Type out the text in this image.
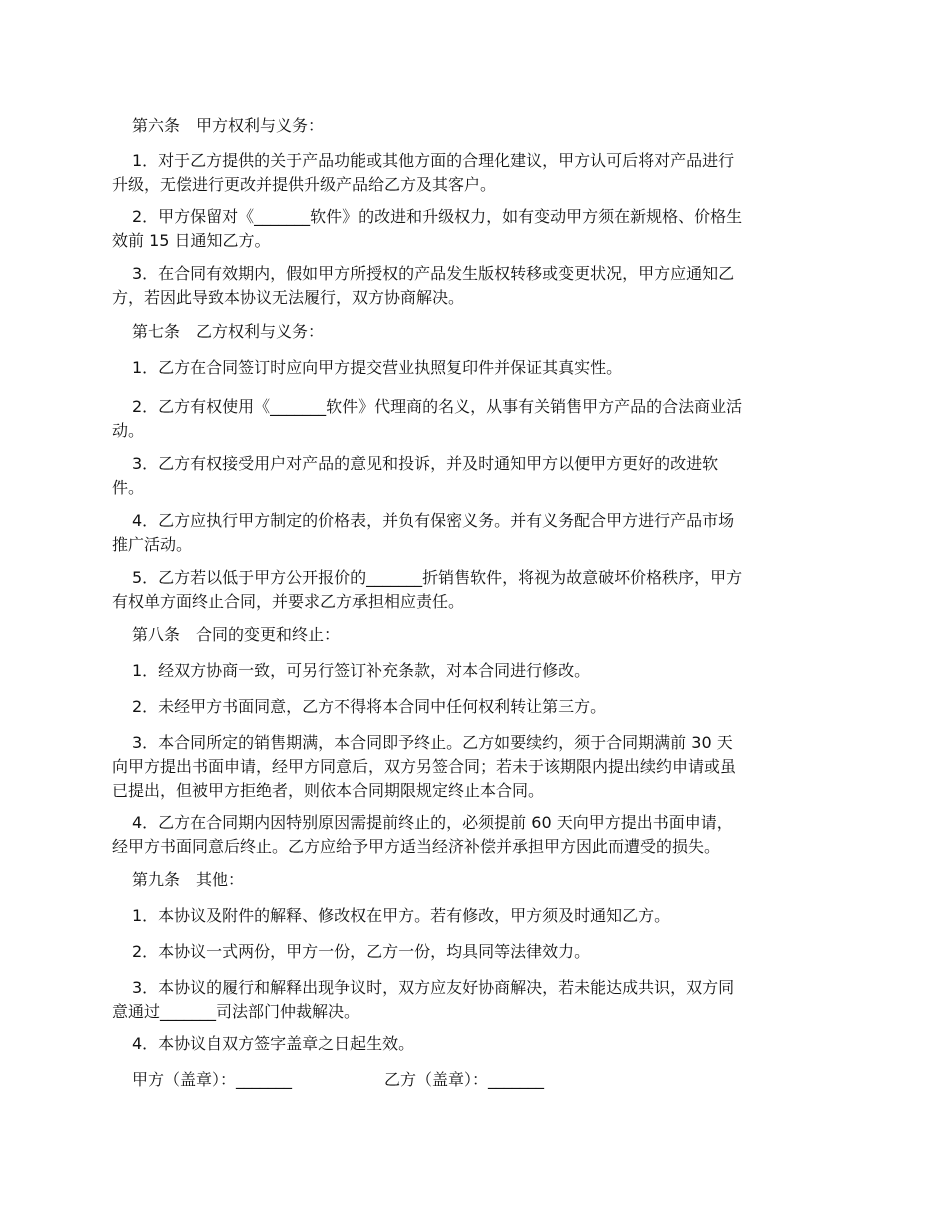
第六条　甲方权利与义务：
1．对于乙方提供的关于产品功能或其他方面的合理化建议，甲方认可后将对产品进行
升级，无偿进行更改并提供升级产品给乙方及其客户。
2．甲方保留对《_______软件》的改进和升级权力，如有变动甲方须在新规格、价格生
效前 15 日通知乙方。
3．在合同有效期内，假如甲方所授权的产品发生版权转移或变更状况，甲方应通知乙
方，若因此导致本协议无法履行，双方协商解决。
第七条　乙方权利与义务：
1．乙方在合同签订时应向甲方提交营业执照复印件并保证其真实性。
2．乙方有权使用《_______软件》代理商的名义，从事有关销售甲方产品的合法商业活
动。
3．乙方有权接受用户对产品的意见和投诉，并及时通知甲方以便甲方更好的改进软
件。
4．乙方应执行甲方制定的价格表，并负有保密义务。并有义务配合甲方进行产品市场
推广活动。
5．乙方若以低于甲方公开报价的_______折销售软件，将视为故意破坏价格秩序，甲方
有权单方面终止合同，并要求乙方承担相应责任。
第八条　合同的变更和终止：
1．经双方协商一致，可另行签订补充条款，对本合同进行修改。
2．未经甲方书面同意，乙方不得将本合同中任何权利转让第三方。
3．本合同所定的销售期满，本合同即予终止。乙方如要续约，须于合同期满前 30 天
向甲方提出书面申请，经甲方同意后，双方另签合同；若未于该期限内提出续约申请或虽
已提出，但被甲方拒绝者，则依本合同期限规定终止本合同。
4．乙方在合同期内因特别原因需提前终止的，必须提前 60 天向甲方提出书面申请，
经甲方书面同意后终止。乙方应给予甲方适当经济补偿并承担甲方因此而遭受的损失。
第九条　其他：
1．本协议及附件的解释、修改权在甲方。若有修改，甲方须及时通知乙方。
2．本协议一式两份，甲方一份，乙方一份，均具同等法律效力。
3．本协议的履行和解释出现争议时，双方应友好协商解决，若未能达成共识，双方同
意通过_______司法部门仲裁解决。
4．本协议自双方签字盖章之日起生效。
甲方（盖章）：_______	乙方（盖章）：_______
